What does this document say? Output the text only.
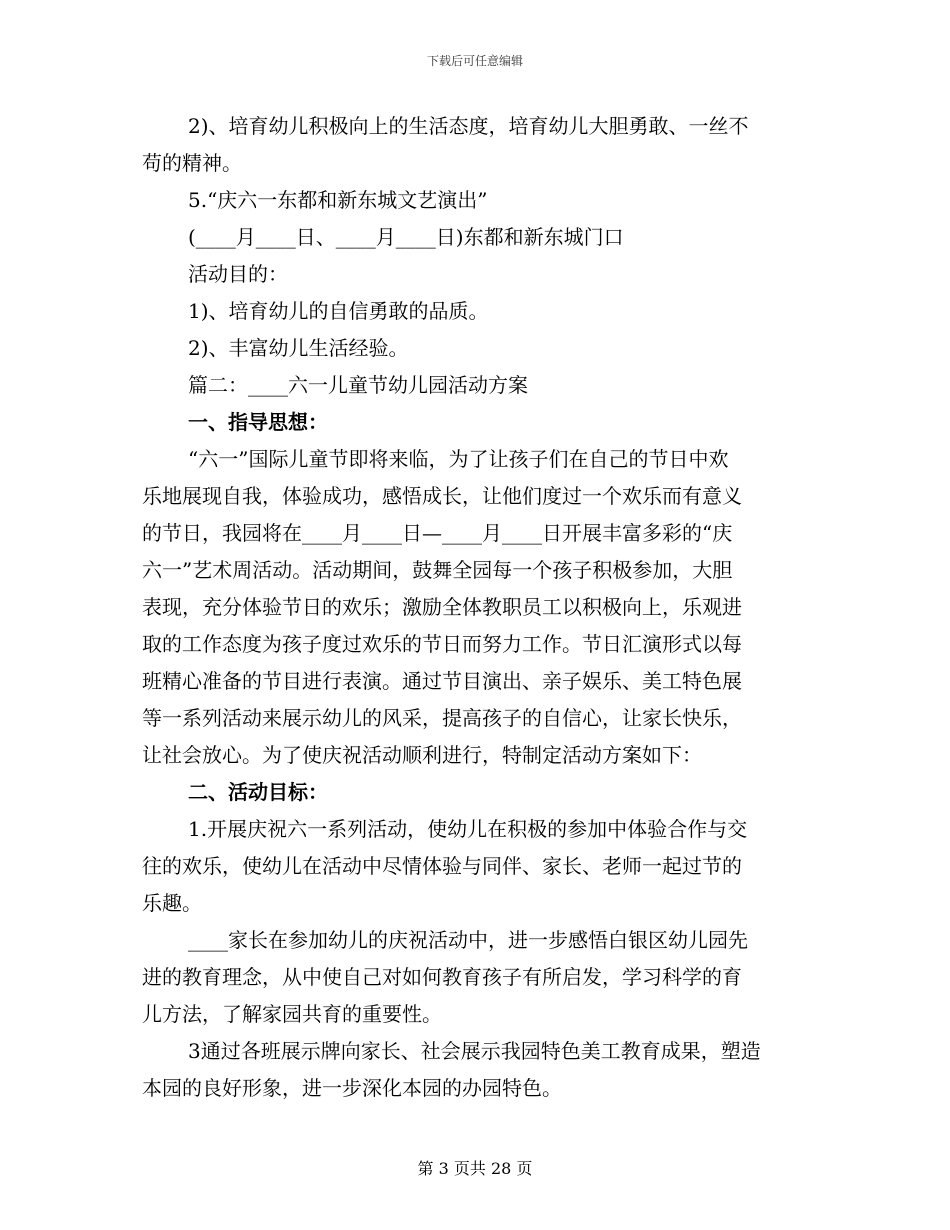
下载后可任意编辑
2)、培育幼儿积极向上的生活态度，培育幼儿大胆勇敢、一丝不
苟的精神。
5.“庆六一东都和新东城文艺演出”
(____月____日、____月____日)东都和新东城门口
活动目的：
1)、培育幼儿的自信勇敢的品质。
2)、丰富幼儿生活经验。
篇二：____六一儿童节幼儿园活动方案
一、指导思想：
“六一”国际儿童节即将来临，为了让孩子们在自己的节日中欢
乐地展现自我，体验成功，感悟成长，让他们度过一个欢乐而有意义
的节日，我园将在____月____日—____月____日开展丰富多彩的“庆
六一”艺术周活动。活动期间，鼓舞全园每一个孩子积极参加，大胆
表现，充分体验节日的欢乐；激励全体教职员工以积极向上，乐观进
取的工作态度为孩子度过欢乐的节日而努力工作。节日汇演形式以每
班精心准备的节目进行表演。通过节目演出、亲子娱乐、美工特色展
等一系列活动来展示幼儿的风采，提高孩子的自信心，让家长快乐，
让社会放心。为了使庆祝活动顺利进行，特制定活动方案如下：
二、活动目标：
1.开展庆祝六一系列活动，使幼儿在积极的参加中体验合作与交
往的欢乐，使幼儿在活动中尽情体验与同伴、家长、老师一起过节的
乐趣。
____家长在参加幼儿的庆祝活动中，进一步感悟白银区幼儿园先
进的教育理念，从中使自己对如何教育孩子有所启发，学习科学的育
儿方法，了解家园共育的重要性。
3通过各班展示牌向家长、社会展示我园特色美工教育成果，塑造
本园的良好形象，进一步深化本园的办园特色。
第 3 页共 28 页
